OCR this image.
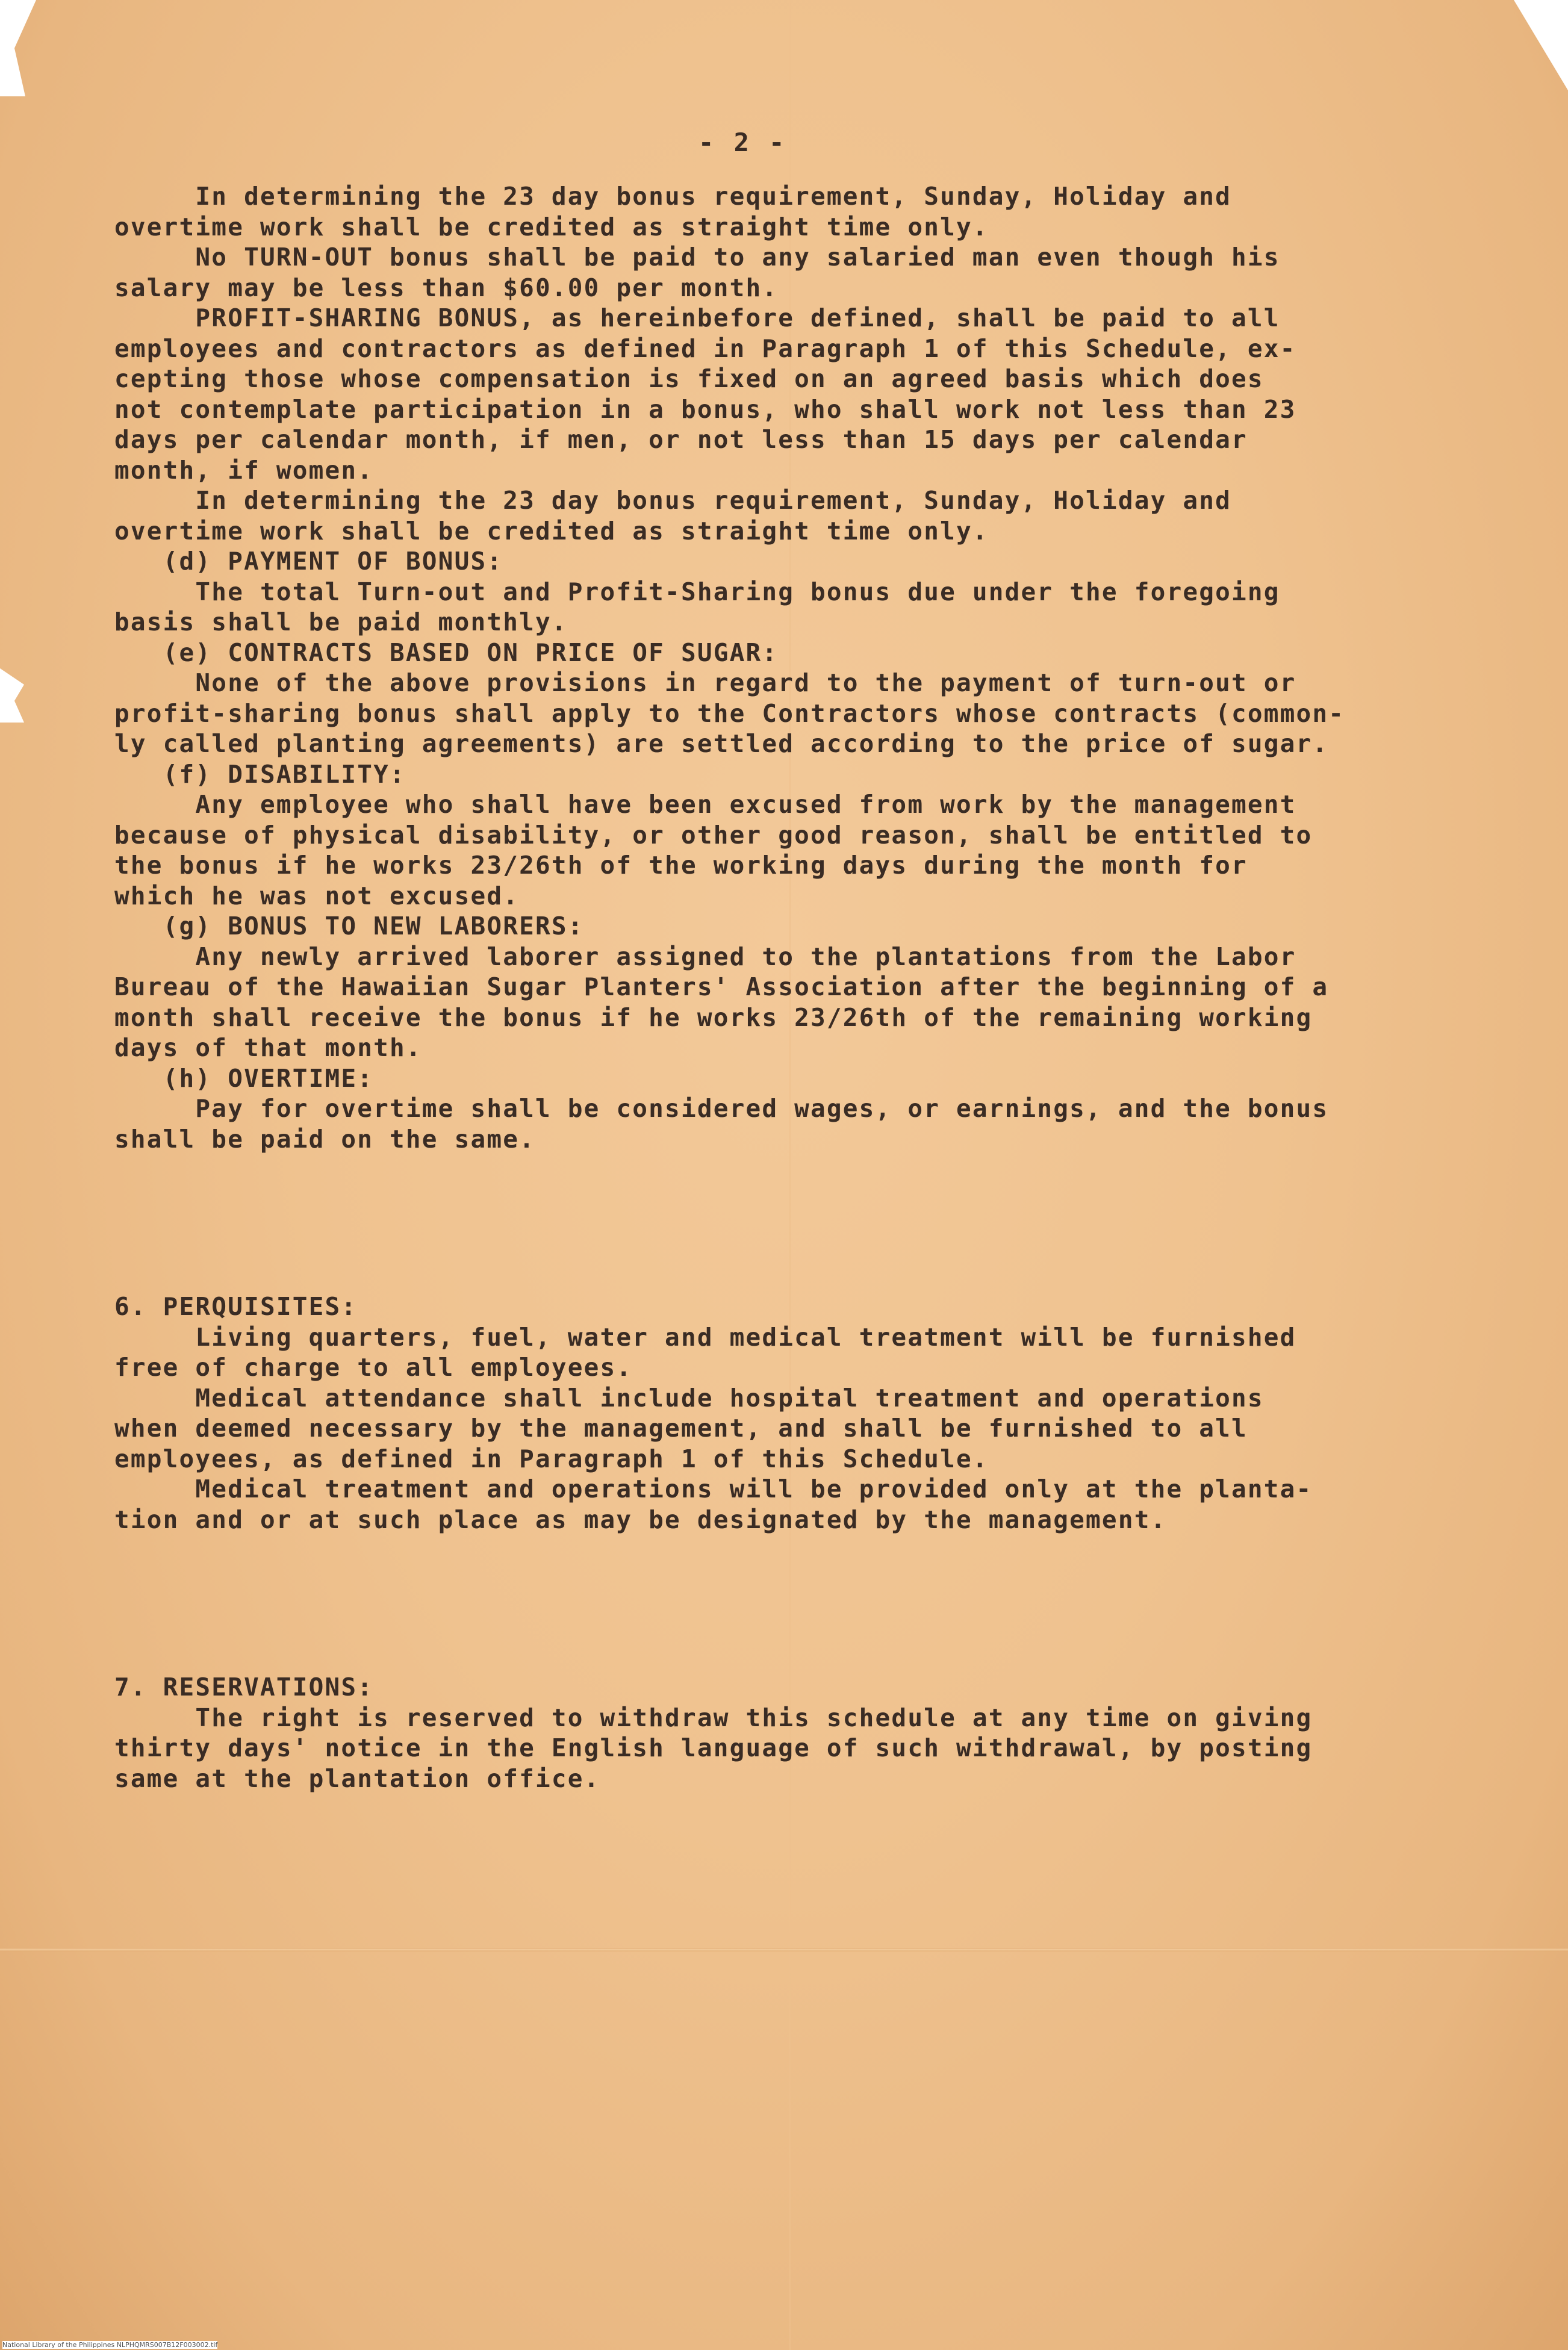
- 2 -

In determining the 23 day bonus requirement, Sunday, Holiday and
overtime work shall be credited as straight time only.
No TURN-OUT bonus shall be paid to any salaried man even though his
salary may be less than $60.00 per month.
PROFIT-SHARING BONUS, as hereinbefore defined, shall be paid to all
employees and contractors as defined in Paragraph 1 of this Schedule, ex-
cepting those whose compensation is fixed on an agreed basis which does
not contemplate participation in a bonus, who shall work not less than 23
days per calendar month, if men, or not less than 15 days per calendar
month, if women.
In determining the 23 day bonus requirement, Sunday, Holiday and
overtime work shall be credited as straight time only.
(d) PAYMENT OF BONUS:
The total Turn-out and Profit-Sharing bonus due under the foregoing
basis shall be paid monthly.
(e) CONTRACTS BASED ON PRICE OF SUGAR:
None of the above provisions in regard to the payment of turn-out or
profit-sharing bonus shall apply to the Contractors whose contracts (common-
ly called planting agreements) are settled according to the price of sugar.
(f) DISABILITY:
Any employee who shall have been excused from work by the management
because of physical disability, or other good reason, shall be entitled to
the bonus if he works 23/26th of the working days during the month for
which he was not excused.
(g) BONUS TO NEW LABORERS:
Any newly arrived laborer assigned to the plantations from the Labor
Bureau of the Hawaiian Sugar Planters' Association after the beginning of a
month shall receive the bonus if he works 23/26th of the remaining working
days of that month.
(h) OVERTIME:
Pay for overtime shall be considered wages, or earnings, and the bonus
shall be paid on the same.

6. PERQUISITES:
Living quarters, fuel, water and medical treatment will be furnished
free of charge to all employees.
Medical attendance shall include hospital treatment and operations
when deemed necessary by the management, and shall be furnished to all
employees, as defined in Paragraph 1 of this Schedule.
Medical treatment and operations will be provided only at the planta-
tion and or at such place as may be designated by the management.

7. RESERVATIONS:
The right is reserved to withdraw this schedule at any time on giving
thirty days' notice in the English language of such withdrawal, by posting
same at the plantation office.

National Library of the Philippines NLPHQMRS007B12F003002.tif
